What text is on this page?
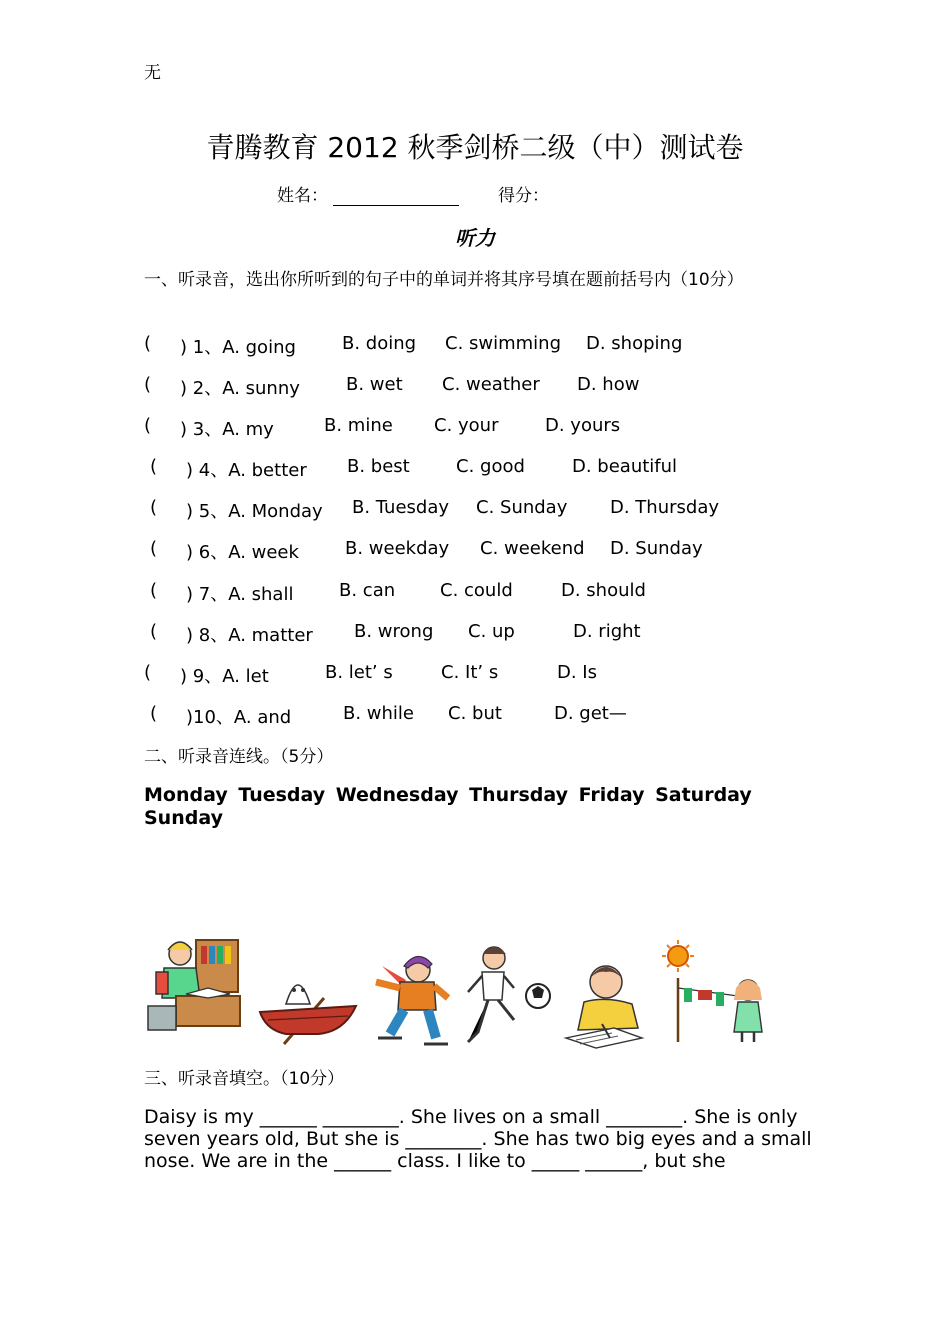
无
青腾教育 2012 秋季剑桥二级（中）测试卷
姓名：	得分：
听力
一、听录音，选出你所听到的句子中的单词并将其序号填在题前括号内（10分）
( ) 1、A. going	B. doing C. swimming D. shoping
( ) 2、A. sunny	B. wet C. weather D. how
( ) 3、A. my	B. mine C. your	D. yours
( ) 4、A. better B. best	C. good	D. beautiful
( ) 5、A. Monday B. Tuesday C. Sunday D. Thursday
( ) 6、A. week	B. weekday C. weekend D. Sunday
( ) 7、A. shall	B. can C. could	D. should
( ) 8、A. matter B. wrong C. up	D. right
( ) 9、A. let	B. let’ s	C. It’ s	D. Is
( )10、A. and	B. while C. but	D. get—
二、听录音连线。（5分）
Monday Tuesday Wednesday Thursday Friday Saturday Sunday
三、听录音填空。（10分）
Daisy is my ______ ________. She lives on a small ________. She is only seven years old, But she is ________. She has two big eyes and a small nose. We are in the ______ class. I like to _____ ______, but she
